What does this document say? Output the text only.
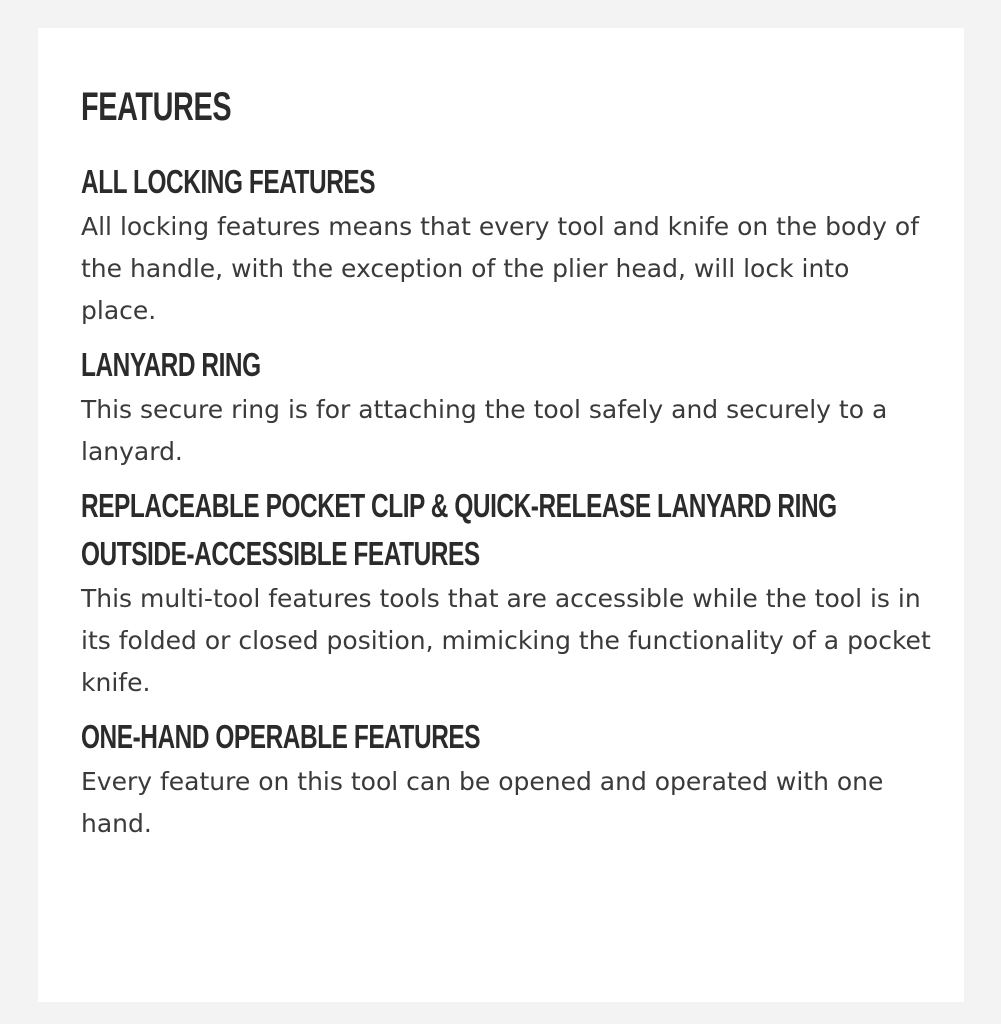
FEATURES
ALL LOCKING FEATURES

All locking features means that every tool and knife on the body of the handle, with the exception of the plier head, will lock into place.

LANYARD RING

This secure ring is for attaching the tool safely and securely to a lanyard.

REPLACEABLE POCKET CLIP & QUICK-RELEASE LANYARD RING
OUTSIDE-ACCESSIBLE FEATURES

This multi-tool features tools that are accessible while the tool is in its folded or closed position, mimicking the functionality of a pocket knife.

ONE-HAND OPERABLE FEATURES

Every feature on this tool can be opened and operated with one hand.
